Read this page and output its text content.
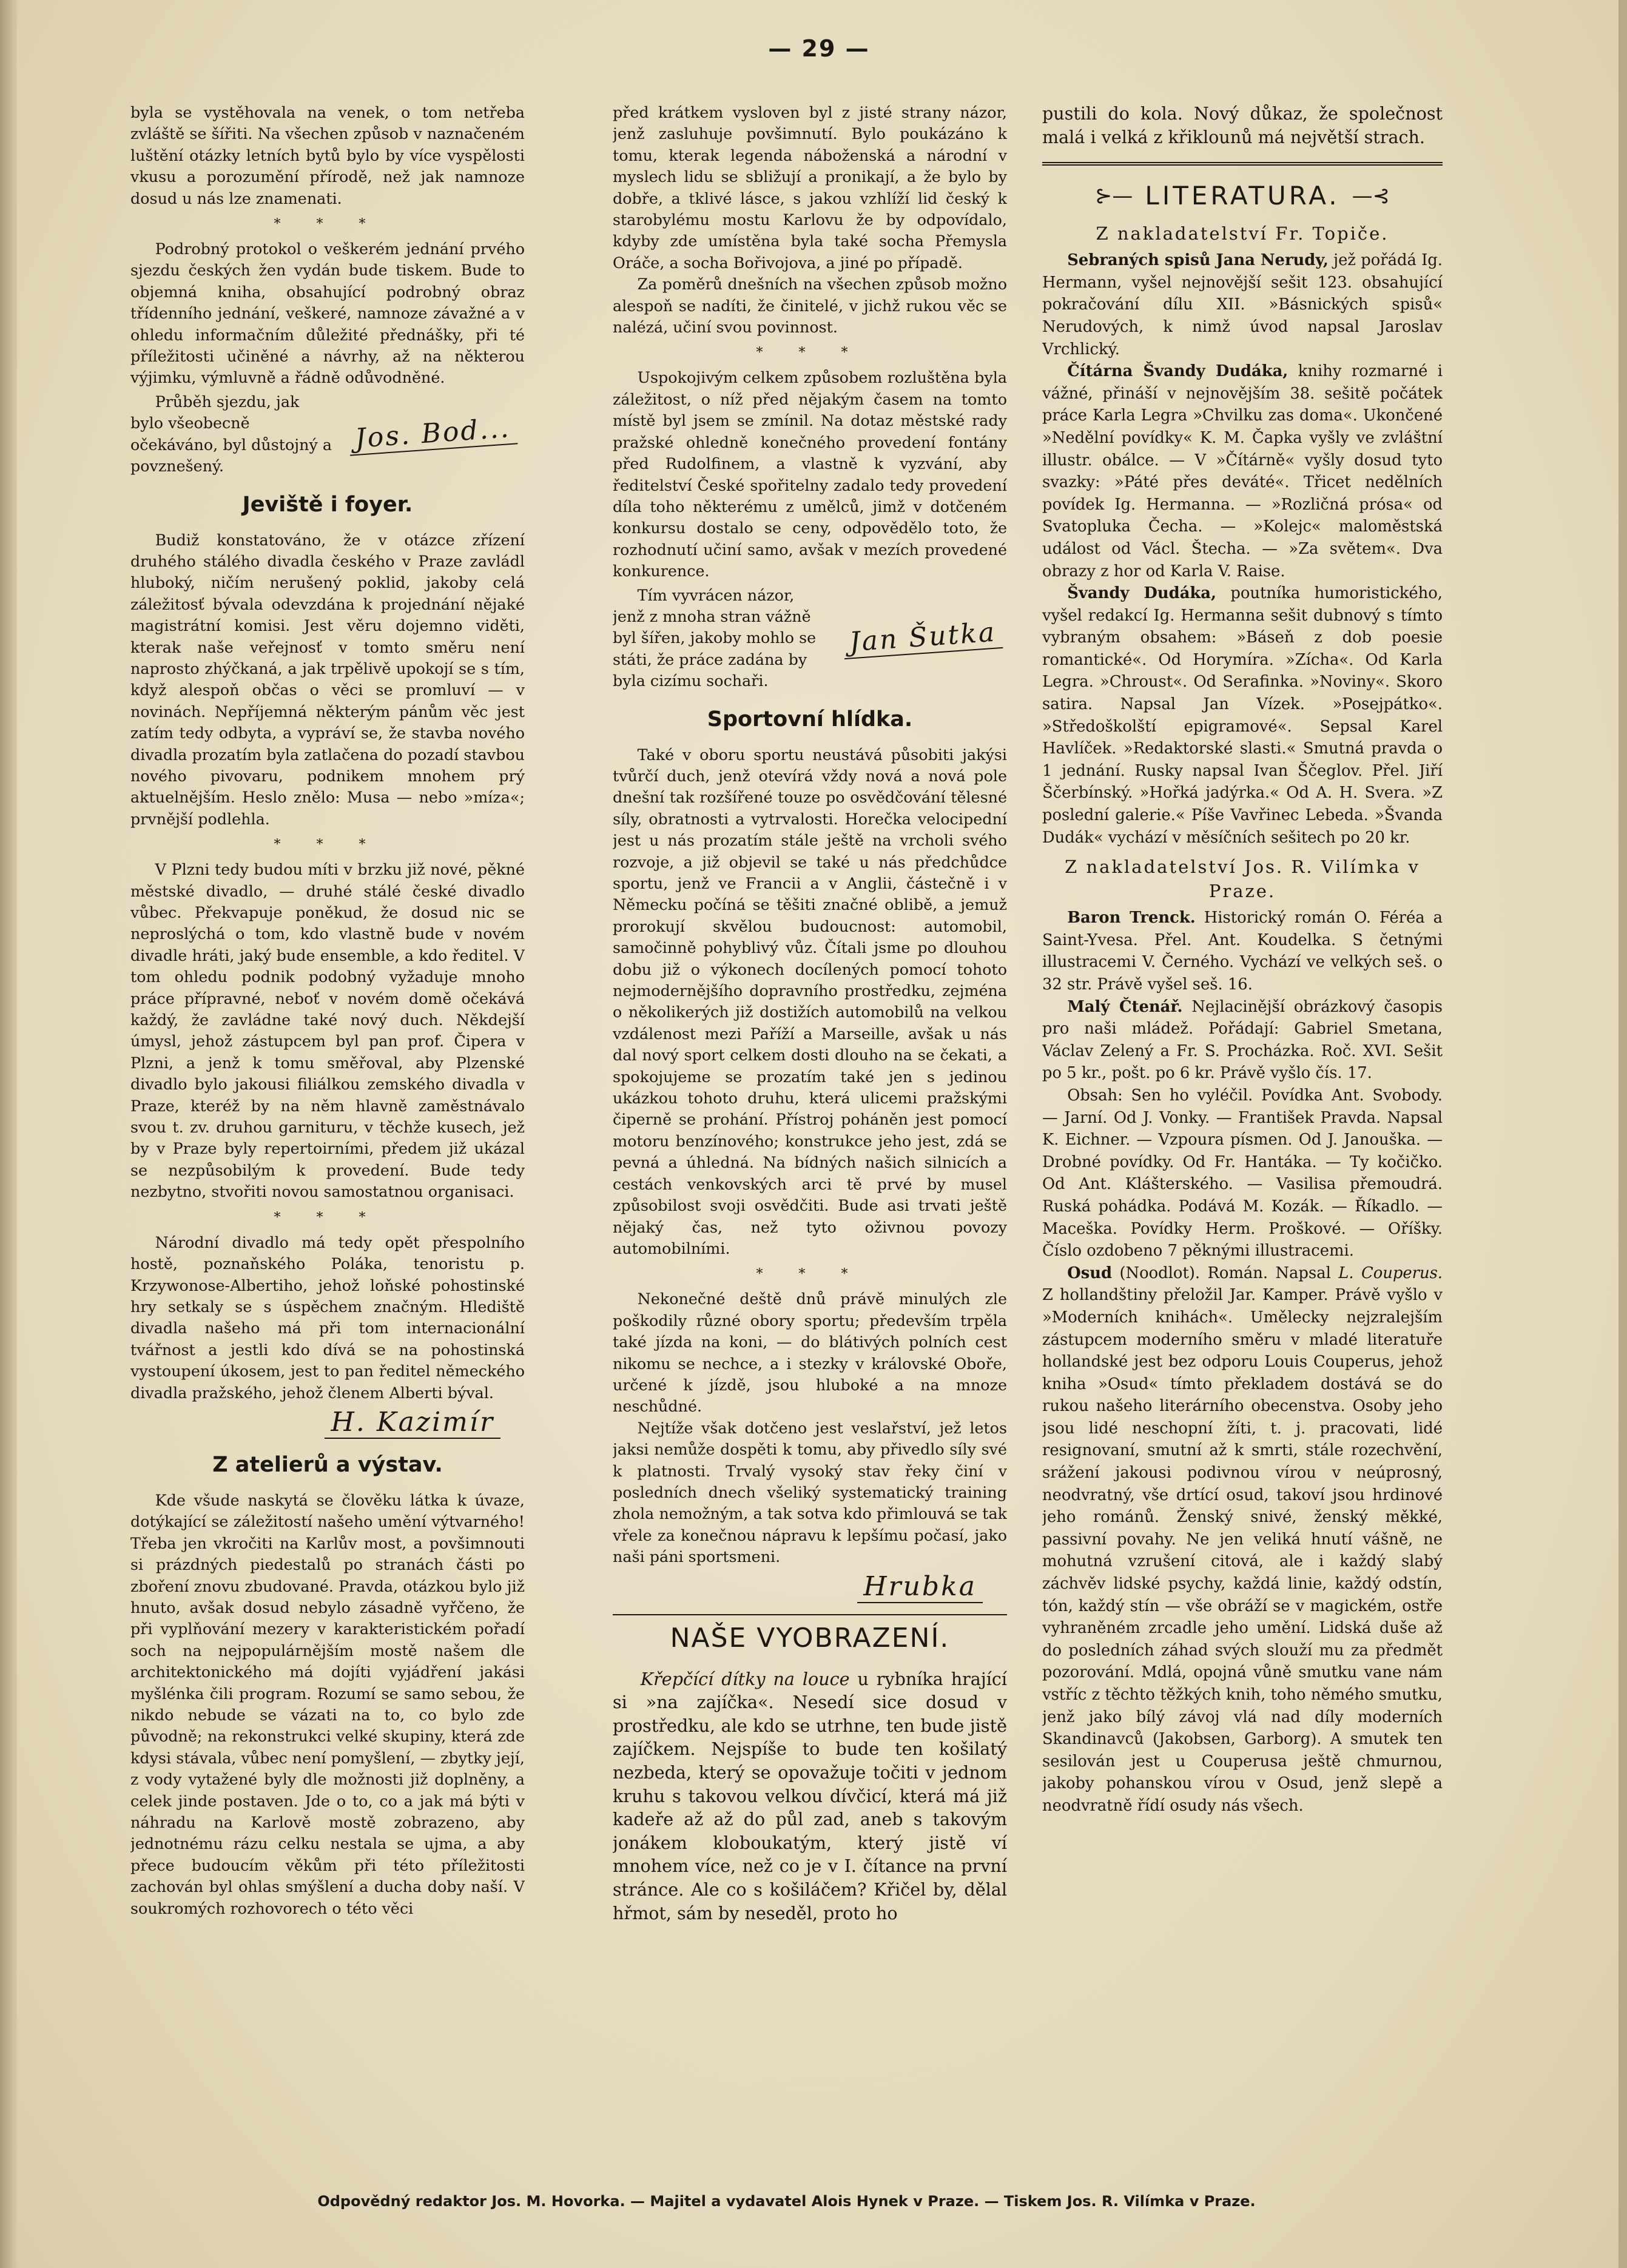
— 29 —

byla se vystěhovala na venek, o tom netřeba zvláště se šířiti. Na všechen způsob v naznačeném luštění otázky letních bytů bylo by více vyspělosti vkusu a porozumění přírodě, než jak namnoze dosud u nás lze znamenati.

* * *

Podrobný protokol o veškerém jednání prvého sjezdu českých žen vydán bude tiskem. Bude to objemná kniha, obsahující podrobný obraz třídenního jednání, veškeré, namnoze závažné a v ohledu informačním důležité přednášky, při té příležitosti učiněné a návrhy, až na některou výjimku, výmluvně a řádně odůvodněné.

Průběh sjezdu, jak bylo všeobecně očekáváno, byl důstojný a povznešený.

Jos. Bod...
Jeviště i foyer.

Budiž konstatováno, že v otázce zřízení druhého stálého divadla českého v Praze zavládl hluboký, ničím nerušený poklid, jakoby celá záležitosť bývala odevzdána k projednání nějaké magistrátní komisi. Jest věru dojemno viděti, kterak naše veřejnosť v tomto směru není naprosto zhýčkaná, a jak trpělivě upokojí se s tím, když alespoň občas o věci se promluví — v novinách. Nepříjemná některým pánům věc jest zatím tedy odbyta, a vypráví se, že stavba nového divadla prozatím byla zatlačena do pozadí stavbou nového pivovaru, podnikem mnohem prý aktuelnějším. Heslo znělo: Musa — nebo »míza«; prvnější podlehla.

* * *

V Plzni tedy budou míti v brzku již nové, pěkné městské divadlo, — druhé stálé české divadlo vůbec. Překvapuje poněkud, že dosud nic se neproslýchá o tom, kdo vlastně bude v novém divadle hráti, jaký bude ensemble, a kdo ředitel. V tom ohledu podnik podobný vyžaduje mnoho práce přípravné, neboť v novém domě očekává každý, že zavládne také nový duch. Někdejší úmysl, jehož zástupcem byl pan prof. Čipera v Plzni, a jenž k tomu směřoval, aby Plzenské divadlo bylo jakousi filiálkou zemského divadla v Praze, kteréž by na něm hlavně zaměstnávalo svou t. zv. druhou garnituru, v těchže kusech, jež by v Praze byly repertoirními, předem již ukázal se nezpůsobilým k provedení. Bude tedy nezbytno, stvořiti novou samostatnou organisaci.

* * *

Národní divadlo má tedy opět přespolního hostě, poznaňského Poláka, tenoristu p. Krzywonose-Albertiho, jehož loňské pohostinské hry setkaly se s úspěchem značným. Hlediště divadla našeho má při tom internacionální tvářnost a jestli kdo dívá se na pohostinská vystoupení úkosem, jest to pan ředitel německého divadla pražského, jehož členem Alberti býval.

H. Kazimír
Z atelierů a výstav.

Kde všude naskytá se člověku látka k úvaze, dotýkající se záležitostí našeho umění výtvarného! Třeba jen vkročiti na Karlův most, a povšimnouti si prázdných piedestalů po stranách části po zboření znovu zbudované. Pravda, otázkou bylo již hnuto, avšak dosud nebylo zásadně vyřčeno, že při vyplňování mezery v karakteristickém pořadí soch na nejpopulárnějším mostě našem dle architektonického má dojíti vyjádření jakási myšlénka čili program. Rozumí se samo sebou, že nikdo nebude se vázati na to, co bylo zde původně; na rekonstrukci velké skupiny, která zde kdysi stávala, vůbec není pomyšlení, — zbytky její, z vody vytažené byly dle možnosti již doplněny, a celek jinde postaven. Jde o to, co a jak má býti v náhradu na Karlově mostě zobrazeno, aby jednotnému rázu celku nestala se ujma, a aby přece budoucím věkům při této příležitosti zachován byl ohlas smýšlení a ducha doby naší. V soukromých rozhovorech o této věci

před krátkem vysloven byl z jisté strany názor, jenž zasluhuje povšimnutí. Bylo poukázáno k tomu, kterak legenda náboženská a národní v myslech lidu se sbližují a pronikají, a že bylo by dobře, a tklivé lásce, s jakou vzhlíží lid český k starobylému mostu Karlovu že by odpovídalo, kdyby zde umístěna byla také socha Přemysla Oráče, a socha Bořivojova, a jiné po případě.

Za poměrů dnešních na všechen způsob možno alespoň se nadíti, že činitelé, v jichž rukou věc se nalézá, učiní svou povinnost.

* * *

Uspokojivým celkem způsobem rozluštěna byla záležitost, o níž před nějakým časem na tomto místě byl jsem se zmínil. Na dotaz městské rady pražské ohledně konečného provedení fontány před Rudolfinem, a vlastně k vyzvání, aby ředitelství České spořitelny zadalo tedy provedení díla toho některému z umělců, jimž v dotčeném konkursu dostalo se ceny, odpovědělo toto, že rozhodnutí učiní samo, avšak v mezích provedené konkurence.

Tím vyvrácen názor, jenž z mnoha stran vážně byl šířen, jakoby mohlo se státi, že práce zadána by byla cizímu sochaři.

Jan Šutka
Sportovní hlídka.

Také v oboru sportu neustává působiti jakýsi tvůrčí duch, jenž otevírá vždy nová a nová pole dnešní tak rozšířené touze po osvědčování tělesné síly, obratnosti a vytrvalosti. Horečka velocipední jest u nás prozatím stále ještě na vrcholi svého rozvoje, a již objevil se také u nás předchůdce sportu, jenž ve Francii a v Anglii, částečně i v Německu počíná se těšiti značné oblibě, a jemuž prorokují skvělou budoucnost: automobil, samočinně pohyblivý vůz. Čítali jsme po dlouhou dobu již o výkonech docílených pomocí tohoto nejmodernějšího dopravního prostředku, zejména o několikerých již dostižích automobilů na velkou vzdálenost mezi Paříží a Marseille, avšak u nás dal nový sport celkem dosti dlouho na se čekati, a spokojujeme se prozatím také jen s jedinou ukázkou tohoto druhu, která ulicemi pražskými čiperně se prohání. Přístroj poháněn jest pomocí motoru benzínového; konstrukce jeho jest, zdá se pevná a úhledná. Na bídných našich silnicích a cestách venkovských arci tě prvé by musel způsobilost svoji osvědčiti. Bude asi trvati ještě nějaký čas, než tyto oživnou povozy automobilními.

* * *

Nekonečné deště dnů právě minulých zle poškodily různé obory sportu; především trpěla také jízda na koni, — do blátivých polních cest nikomu se nechce, a i stezky v královské Oboře, určené k jízdě, jsou hluboké a na mnoze neschůdné.

Nejtíže však dotčeno jest veslařství, jež letos jaksi nemůže dospěti k tomu, aby přivedlo síly své k platnosti. Trvalý vysoký stav řeky činí v posledních dnech všeliký systematický training zhola nemožným, a tak sotva kdo přimlouvá se tak vřele za konečnou nápravu k lepšímu počasí, jako naši páni sportsmeni.

Hrubka
NAŠE VYOBRAZENÍ.

Křepčící dítky na louce u rybníka hrající si »na zajíčka«. Nesedí sice dosud v prostředku, ale kdo se utrhne, ten bude jistě zajíčkem. Nejspíše to bude ten košilatý nezbeda, který se opovažuje točiti v jednom kruhu s takovou velkou dívčicí, která má již kadeře až až do půl zad, aneb s takovým jonákem kloboukatým, který jistě ví mnohem více, než co je v I. čítance na první stránce. Ale co s košiláčem? Křičel by, dělal hřmot, sám by neseděl, proto ho

pustili do kola. Nový důkaz, že společnost malá i velká z křiklounů má největší strach.

⊱— LITERATURA. —⊰
Z nakladatelství Fr. Topiče.

Sebraných spisů Jana Nerudy, jež pořádá Ig. Hermann, vyšel nejnovější sešit 123. obsahující pokračování dílu XII. »Básnických spisů« Nerudových, k nimž úvod napsal Jaroslav Vrchlický.

Čítárna Švandy Dudáka, knihy rozmarné i vážné, přináší v nejnovějším 38. sešitě počátek práce Karla Legra »Chvilku zas doma«. Ukončené »Nedělní povídky« K. M. Čapka vyšly ve zvláštní illustr. obálce. — V »Čítárně« vyšly dosud tyto svazky: »Páté přes deváté«. Třicet nedělních povídek Ig. Hermanna. — »Rozličná prósa« od Svatopluka Čecha. — »Kolejc« maloměstská událost od Václ. Štecha. — »Za světem«. Dva obrazy z hor od Karla V. Raise.

Švandy Dudáka, poutníka humoristického, vyšel redakcí Ig. Hermanna sešit dubnový s tímto vybraným obsahem: »Báseň z dob poesie romantické«. Od Horymíra. »Zícha«. Od Karla Legra. »Chroust«. Od Serafinka. »Noviny«. Skoro satira. Napsal Jan Vízek. »Posejpátko«. »Středoškolští epigramové«. Sepsal Karel Havlíček. »Redaktorské slasti.« Smutná pravda o 1 jednání. Rusky napsal Ivan Ščeglov. Přel. Jiří Ščerbínský. »Hořká jadýrka.« Od A. H. Svera. »Z poslední galerie.« Píše Vavřinec Lebeda. »Švanda Dudák« vychází v měsíčních sešitech po 20 kr.

Z nakladatelství Jos. R. Vilímka v Praze.

Baron Trenck. Historický román O. Féréa a Saint-Yvesa. Přel. Ant. Koudelka. S četnými illustracemi V. Černého. Vychází ve velkých seš. o 32 str. Právě vyšel seš. 16.

Malý Čtenář. Nejlacinější obrázkový časopis pro naši mládež. Pořádají: Gabriel Smetana, Václav Zelený a Fr. S. Procházka. Roč. XVI. Sešit po 5 kr., pošt. po 6 kr. Právě vyšlo čís. 17.

Obsah: Sen ho vyléčil. Povídka Ant. Svobody. — Jarní. Od J. Vonky. — František Pravda. Napsal K. Eichner. — Vzpoura písmen. Od J. Janouška. — Drobné povídky. Od Fr. Hantáka. — Ty kočičko. Od Ant. Klášterského. — Vasilisa přemoudrá. Ruská pohádka. Podává M. Kozák. — Říkadlo. — Maceška. Povídky Herm. Proškové. — Oříšky. Číslo ozdobeno 7 pěknými illustracemi.

Osud (Noodlot). Román. Napsal L. Couperus. Z hollandštiny přeložil Jar. Kamper. Právě vyšlo v »Moderních knihách«. Umělecky nejzralejším zástupcem moderního směru v mladé literatuře hollandské jest bez odporu Louis Couperus, jehož kniha »Osud« tímto překladem dostává se do rukou našeho literárního obecenstva. Osoby jeho jsou lidé neschopní žíti, t. j. pracovati, lidé resignovaní, smutní až k smrti, stále rozechvění, srážení jakousi podivnou vírou v neúprosný, neodvratný, vše drtící osud, takoví jsou hrdinové jeho románů. Ženský snivé, ženský měkké, passivní povahy. Ne jen veliká hnutí vášně, ne mohutná vzrušení citová, ale i každý slabý záchvěv lidské psychy, každá linie, každý odstín, tón, každý stín — vše obráží se v magickém, ostře vyhraněném zrcadle jeho umění. Lidská duše až do posledních záhad svých slouží mu za předmět pozorování. Mdlá, opojná vůně smutku vane nám vstříc z těchto těžkých knih, toho němého smutku, jenž jako bílý závoj vlá nad díly moderních Skandinavců (Jakobsen, Garborg). A smutek ten sesilován jest u Couperusa ještě chmurnou, jakoby pohanskou vírou v Osud, jenž slepě a neodvratně řídí osudy nás všech.

Odpovědný redaktor Jos. M. Hovorka. — Majitel a vydavatel Alois Hynek v Praze. — Tiskem Jos. R. Vilímka v Praze.
